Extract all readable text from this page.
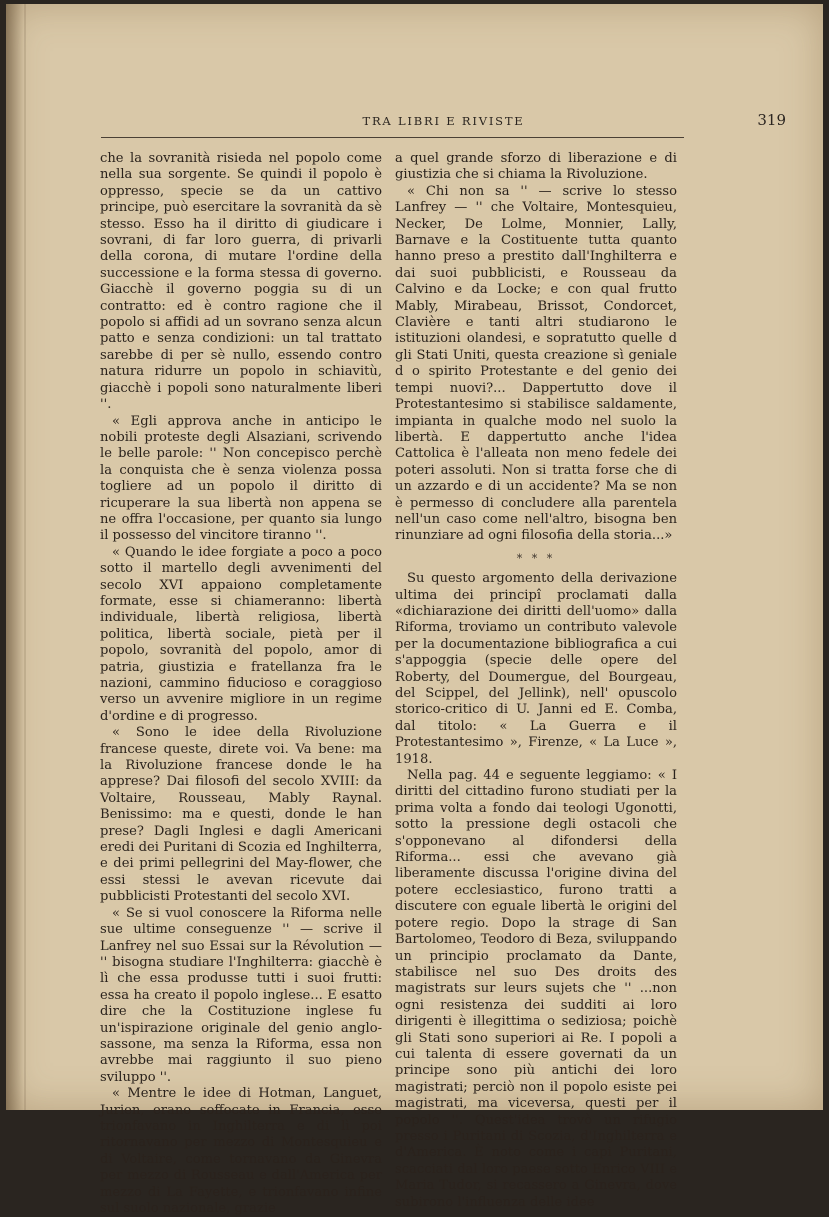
TRA LIBRI E RIVISTE	319

che la sovranità risieda nel popolo come nella sua sorgente. Se quindi il popolo è oppresso, specie se da un cattivo principe, può esercitare la sovranità da sè stesso. Esso ha il diritto di giudicare i sovrani, di far loro guerra, di privarli della corona, di mutare l'ordine della successione e la forma stessa di governo. Giacchè il governo poggia su di un contratto: ed è contro ragione che il popolo si affidi ad un sovrano senza alcun patto e senza condizioni: un tal trattato sarebbe di per sè nullo, essendo contro natura ridurre un popolo in schiavitù, giacchè i popoli sono naturalmente liberi ''.

« Egli approva anche in anticipo le nobili proteste degli Alsaziani, scrivendo le belle parole: '' Non concepisco perchè la conquista che è senza violenza possa togliere ad un popolo il diritto di ricuperare la sua libertà non appena se ne offra l'occasione, per quanto sia lungo il possesso del vincitore tiranno ''.

« Quando le idee forgiate a poco a poco sotto il martello degli avvenimenti del secolo XVI appaiono completamente formate, esse si chiameranno: libertà individuale, libertà religiosa, libertà politica, libertà sociale, pietà per il popolo, sovranità del popolo, amor di patria, giustizia e fratellanza fra le nazioni, cammino fiducioso e coraggioso verso un avvenire migliore in un regime d'ordine e di progresso.

« Sono le idee della Rivoluzione francese queste, direte voi. Va bene: ma la Rivoluzione francese donde le ha apprese? Dai filosofi del secolo XVIII: da Voltaire, Rousseau, Mably Raynal. Benissimo: ma e questi, donde le han prese? Dagli Inglesi e dagli Americani eredi dei Puritani di Scozia ed Inghilterra, e dei primi pellegrini del May-flower, che essi stessi le avevan ricevute dai pubblicisti Protestanti del secolo XVI.

« Se si vuol conoscere la Riforma nelle sue ultime conseguenze '' — scrive il Lanfrey nel suo Essai sur la Révolution — '' bisogna studiare l'Inghilterra: giacchè è lì che essa produsse tutti i suoi frutti: essa ha creato il popolo inglese... E esatto dire che la Costituzione inglese fu un'ispirazione originale del genio anglo-sassone, ma senza la Riforma, essa non avrebbe mai raggiunto il suo pieno sviluppo ''.

« Mentre le idee di Hotman, Languet, Jurien, erano soffocate in Francia, esse trionfavano in Inghilterra e di lì poi ritornavano per mezzo di Montesquieu e di Voltaire, come tornavano da Ginevra per mezzo di Rousseau e dall'America per mezzo di La Fayette, e trionfavano infine sul suolo nazionale, grazie

a quel grande sforzo di liberazione e di giustizia che si chiama la Rivoluzione.

« Chi non sa '' — scrive lo stesso Lanfrey — '' che Voltaire, Montesquieu, Necker, De Lolme, Monnier, Lally, Barnave e la Costituente tutta quanto hanno preso a prestito dall'Inghilterra e dai suoi pubblicisti, e Rousseau da Calvino e da Locke; e con qual frutto Mably, Mirabeau, Brissot, Condorcet, Clavière e tanti altri studiarono le istituzioni olandesi, e sopratutto quelle d gli Stati Uniti, questa creazione sì geniale d o spirito Protestante e del genio dei tempi nuovi?... Dappertutto dove il Protestantesimo si stabilisce saldamente, impianta in qualche modo nel suolo la libertà. E dappertutto anche l'idea Cattolica è l'alleata non meno fedele dei poteri assoluti. Non si tratta forse che di un azzardo e di un accidente? Ma se non è permesso di concludere alla parentela nell'un caso come nell'altro, bisogna ben rinunziare ad ogni filosofia della storia...»

* * *

Su questo argomento della derivazione ultima dei principî proclamati dalla «dichiarazione dei diritti dell'uomo» dalla Riforma, troviamo un contributo valevole per la documentazione bibliografica a cui s'appoggia (specie delle opere del Roberty, del Doumergue, del Bourgeau, del Scippel, del Jellink), nell' opuscolo storico-critico di U. Janni ed E. Comba, dal titolo: « La Guerra e il Protestantesimo », Firenze, « La Luce », 1918.

Nella pag. 44 e seguente leggiamo: « I diritti del cittadino furono studiati per la prima volta a fondo dai teologi Ugonotti, sotto la pressione degli ostacoli che s'opponevano al difondersi della Riforma... essi che avevano già liberamente discussa l'origine divina del potere ecclesiastico, furono tratti a discutere con eguale libertà le origini del potere regio. Dopo la strage di San Bartolomeo, Teodoro di Beza, sviluppando un principio proclamato da Dante, stabilisce nel suo Des droits des magistrats sur leurs sujets che '' ...non ogni resistenza dei sudditi ai loro dirigenti è illegittima o sediziosa; poichè gli Stati sono superiori ai Re. I popoli a cui talenta di essere governati da un principe sono più antichi dei loro magistrati; perciò non il popolo esiste pei magistrati, ma viceversa, questi per il popolo ''. Quest'idea trovò un rifugio presso i Puritani di Scozia, d'Inghilterra e d'America. È noto come i capi Puritani, scacciati dal loro paese sotto Enrico VIII e Maria Tudor, si recassero a Ginevra, dove subirono l'influenza delle idee
